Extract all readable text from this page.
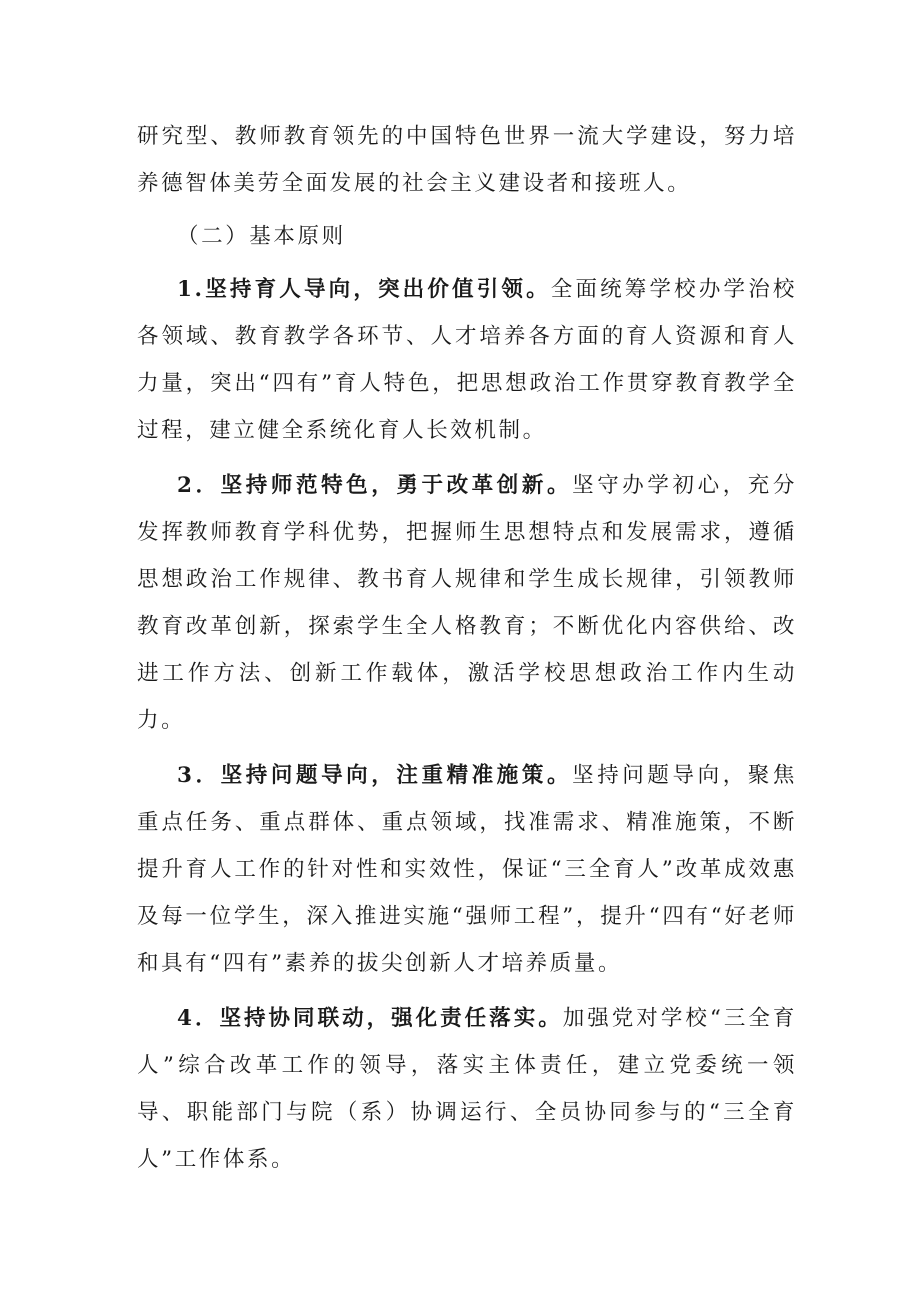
研究型、教师教育领先的中国特色世界一流大学建设，努力培养德智体美劳全面发展的社会主义建设者和接班人。

（二）基本原则

1.坚持育人导向，突出价值引领。全面统筹学校办学治校各领域、教育教学各环节、人才培养各方面的育人资源和育人力量，突出“四有”育人特色，把思想政治工作贯穿教育教学全过程，建立健全系统化育人长效机制。

2．坚持师范特色，勇于改革创新。坚守办学初心，充分发挥教师教育学科优势，把握师生思想特点和发展需求，遵循思想政治工作规律、教书育人规律和学生成长规律，引领教师教育改革创新，探索学生全人格教育；不断优化内容供给、改进工作方法、创新工作载体，激活学校思想政治工作内生动力。

3．坚持问题导向，注重精准施策。坚持问题导向，聚焦重点任务、重点群体、重点领域，找准需求、精准施策，不断提升育人工作的针对性和实效性，保证“三全育人”改革成效惠及每一位学生，深入推进实施“强师工程”，提升“四有“好老师和具有“四有”素养的拔尖创新人才培养质量。

4．坚持协同联动，强化责任落实。加强党对学校“三全育人”综合改革工作的领导，落实主体责任，建立党委统一领导、职能部门与院（系）协调运行、全员协同参与的“三全育人”工作体系。
